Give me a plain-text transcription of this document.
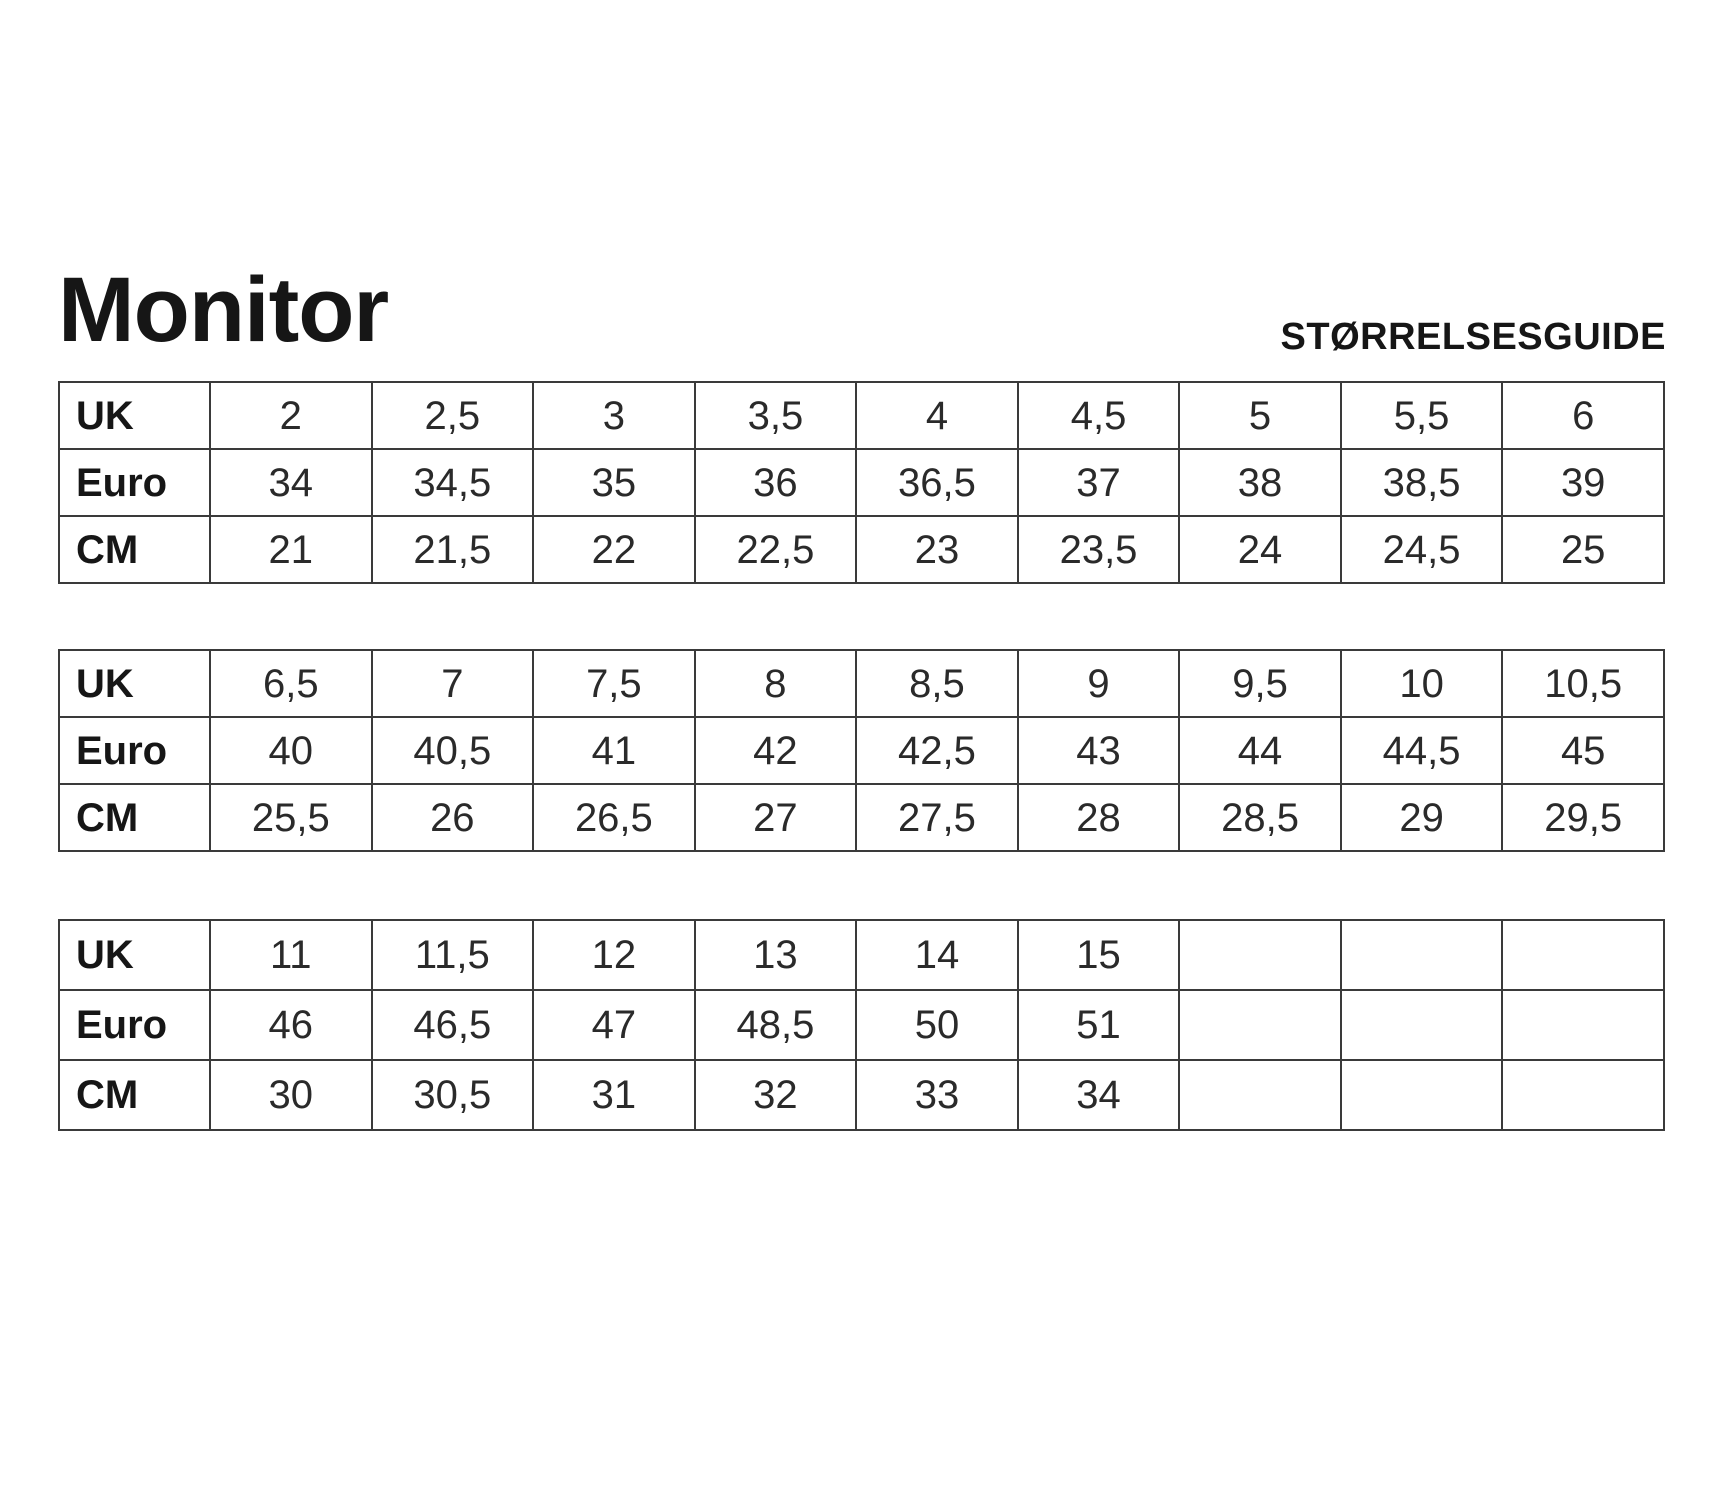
Monitor	STØRRELSESGUIDE
UK	2	2,5	3	3,5	4	4,5	5	5,5	6
Euro	34	34,5	35	36	36,5	37	38	38,5	39
CM	21	21,5	22	22,5	23	23,5	24	24,5	25
UK	6,5	7	7,5	8	8,5	9	9,5	10	10,5
Euro	40	40,5	41	42	42,5	43	44	44,5	45
CM	25,5	26	26,5	27	27,5	28	28,5	29	29,5
UK	11	11,5	12	13	14	15			
Euro	46	46,5	47	48,5	50	51			
CM	30	30,5	31	32	33	34			
